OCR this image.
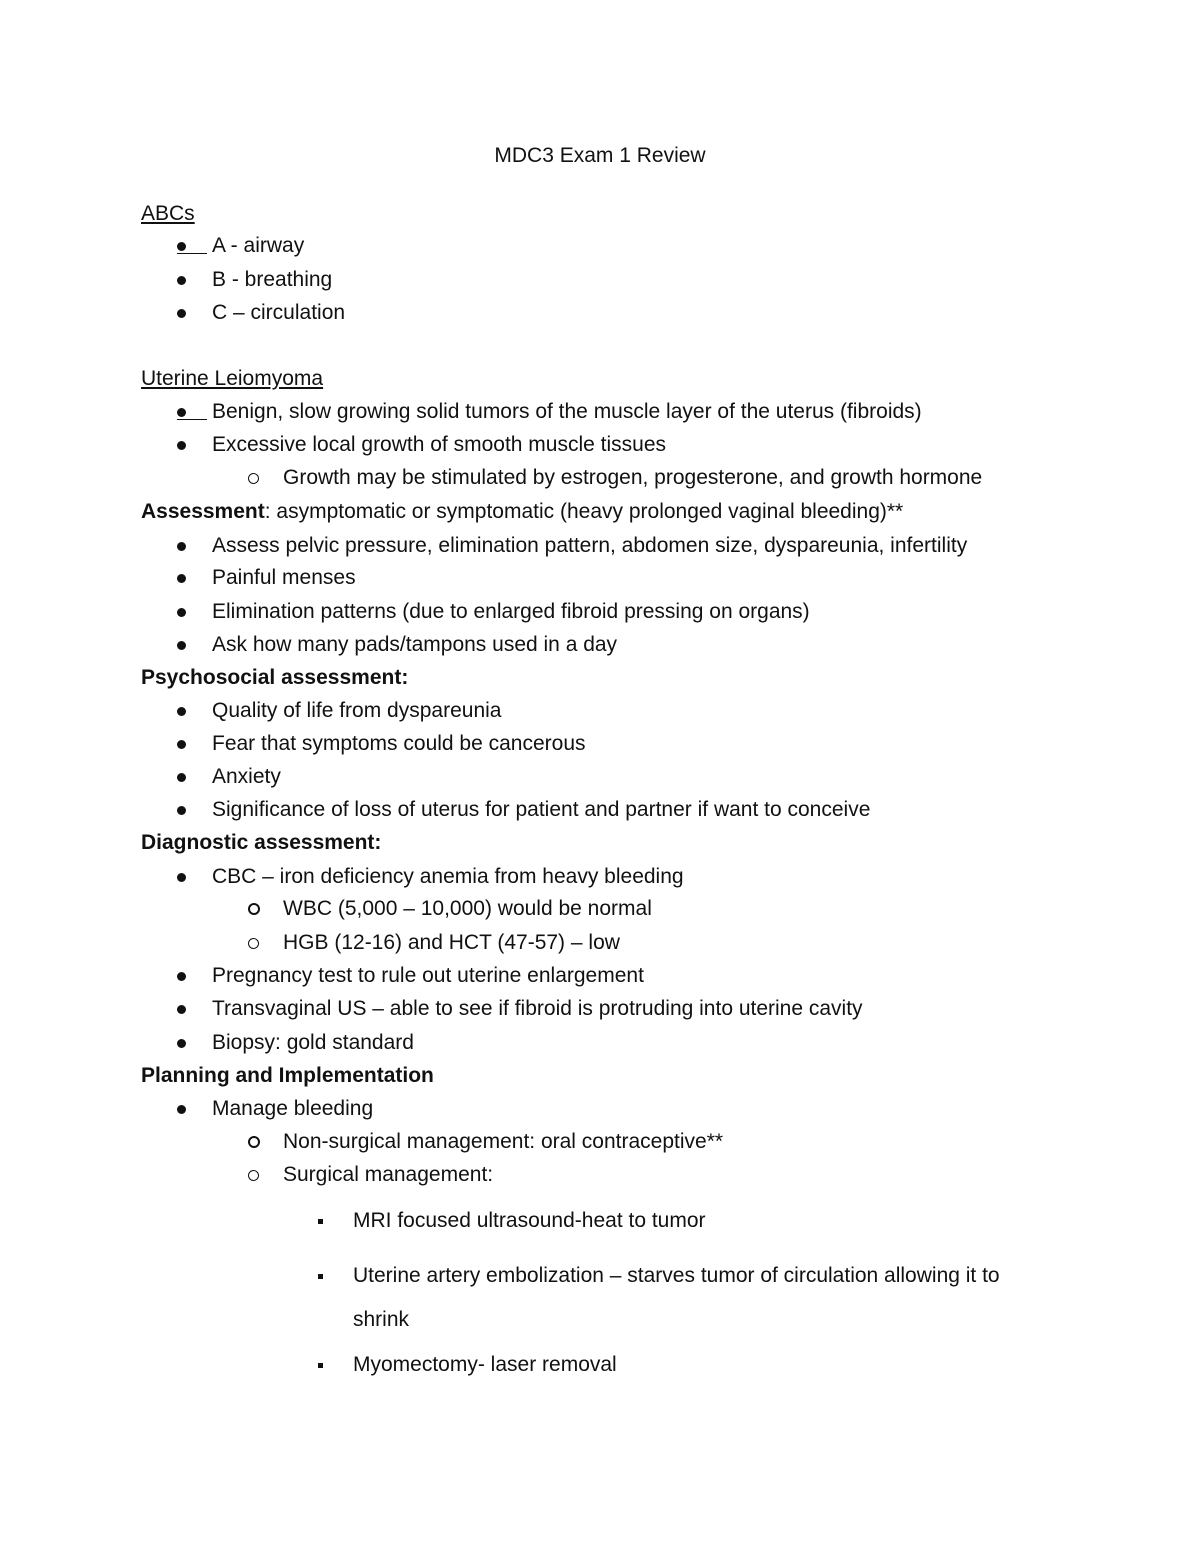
MDC3 Exam 1 Review
ABCs
A - airway
B - breathing
C – circulation
Uterine Leiomyoma
Benign, slow growing solid tumors of the muscle layer of the uterus (fibroids)
Excessive local growth of smooth muscle tissues
Growth may be stimulated by estrogen, progesterone, and growth hormone
Assessment: asymptomatic or symptomatic (heavy prolonged vaginal bleeding)**
Assess pelvic pressure, elimination pattern, abdomen size, dyspareunia, infertility
Painful menses
Elimination patterns (due to enlarged fibroid pressing on organs)
Ask how many pads/tampons used in a day
Psychosocial assessment:
Quality of life from dyspareunia
Fear that symptoms could be cancerous
Anxiety
Significance of loss of uterus for patient and partner if want to conceive
Diagnostic assessment:
CBC – iron deficiency anemia from heavy bleeding
WBC (5,000 – 10,000) would be normal
HGB (12-16) and HCT (47-57) – low
Pregnancy test to rule out uterine enlargement
Transvaginal US – able to see if fibroid is protruding into uterine cavity
Biopsy: gold standard
Planning and Implementation
Manage bleeding
Non-surgical management: oral contraceptive**
Surgical management:
MRI focused ultrasound-heat to tumor
Uterine artery embolization – starves tumor of circulation allowing it to
shrink
Myomectomy- laser removal
